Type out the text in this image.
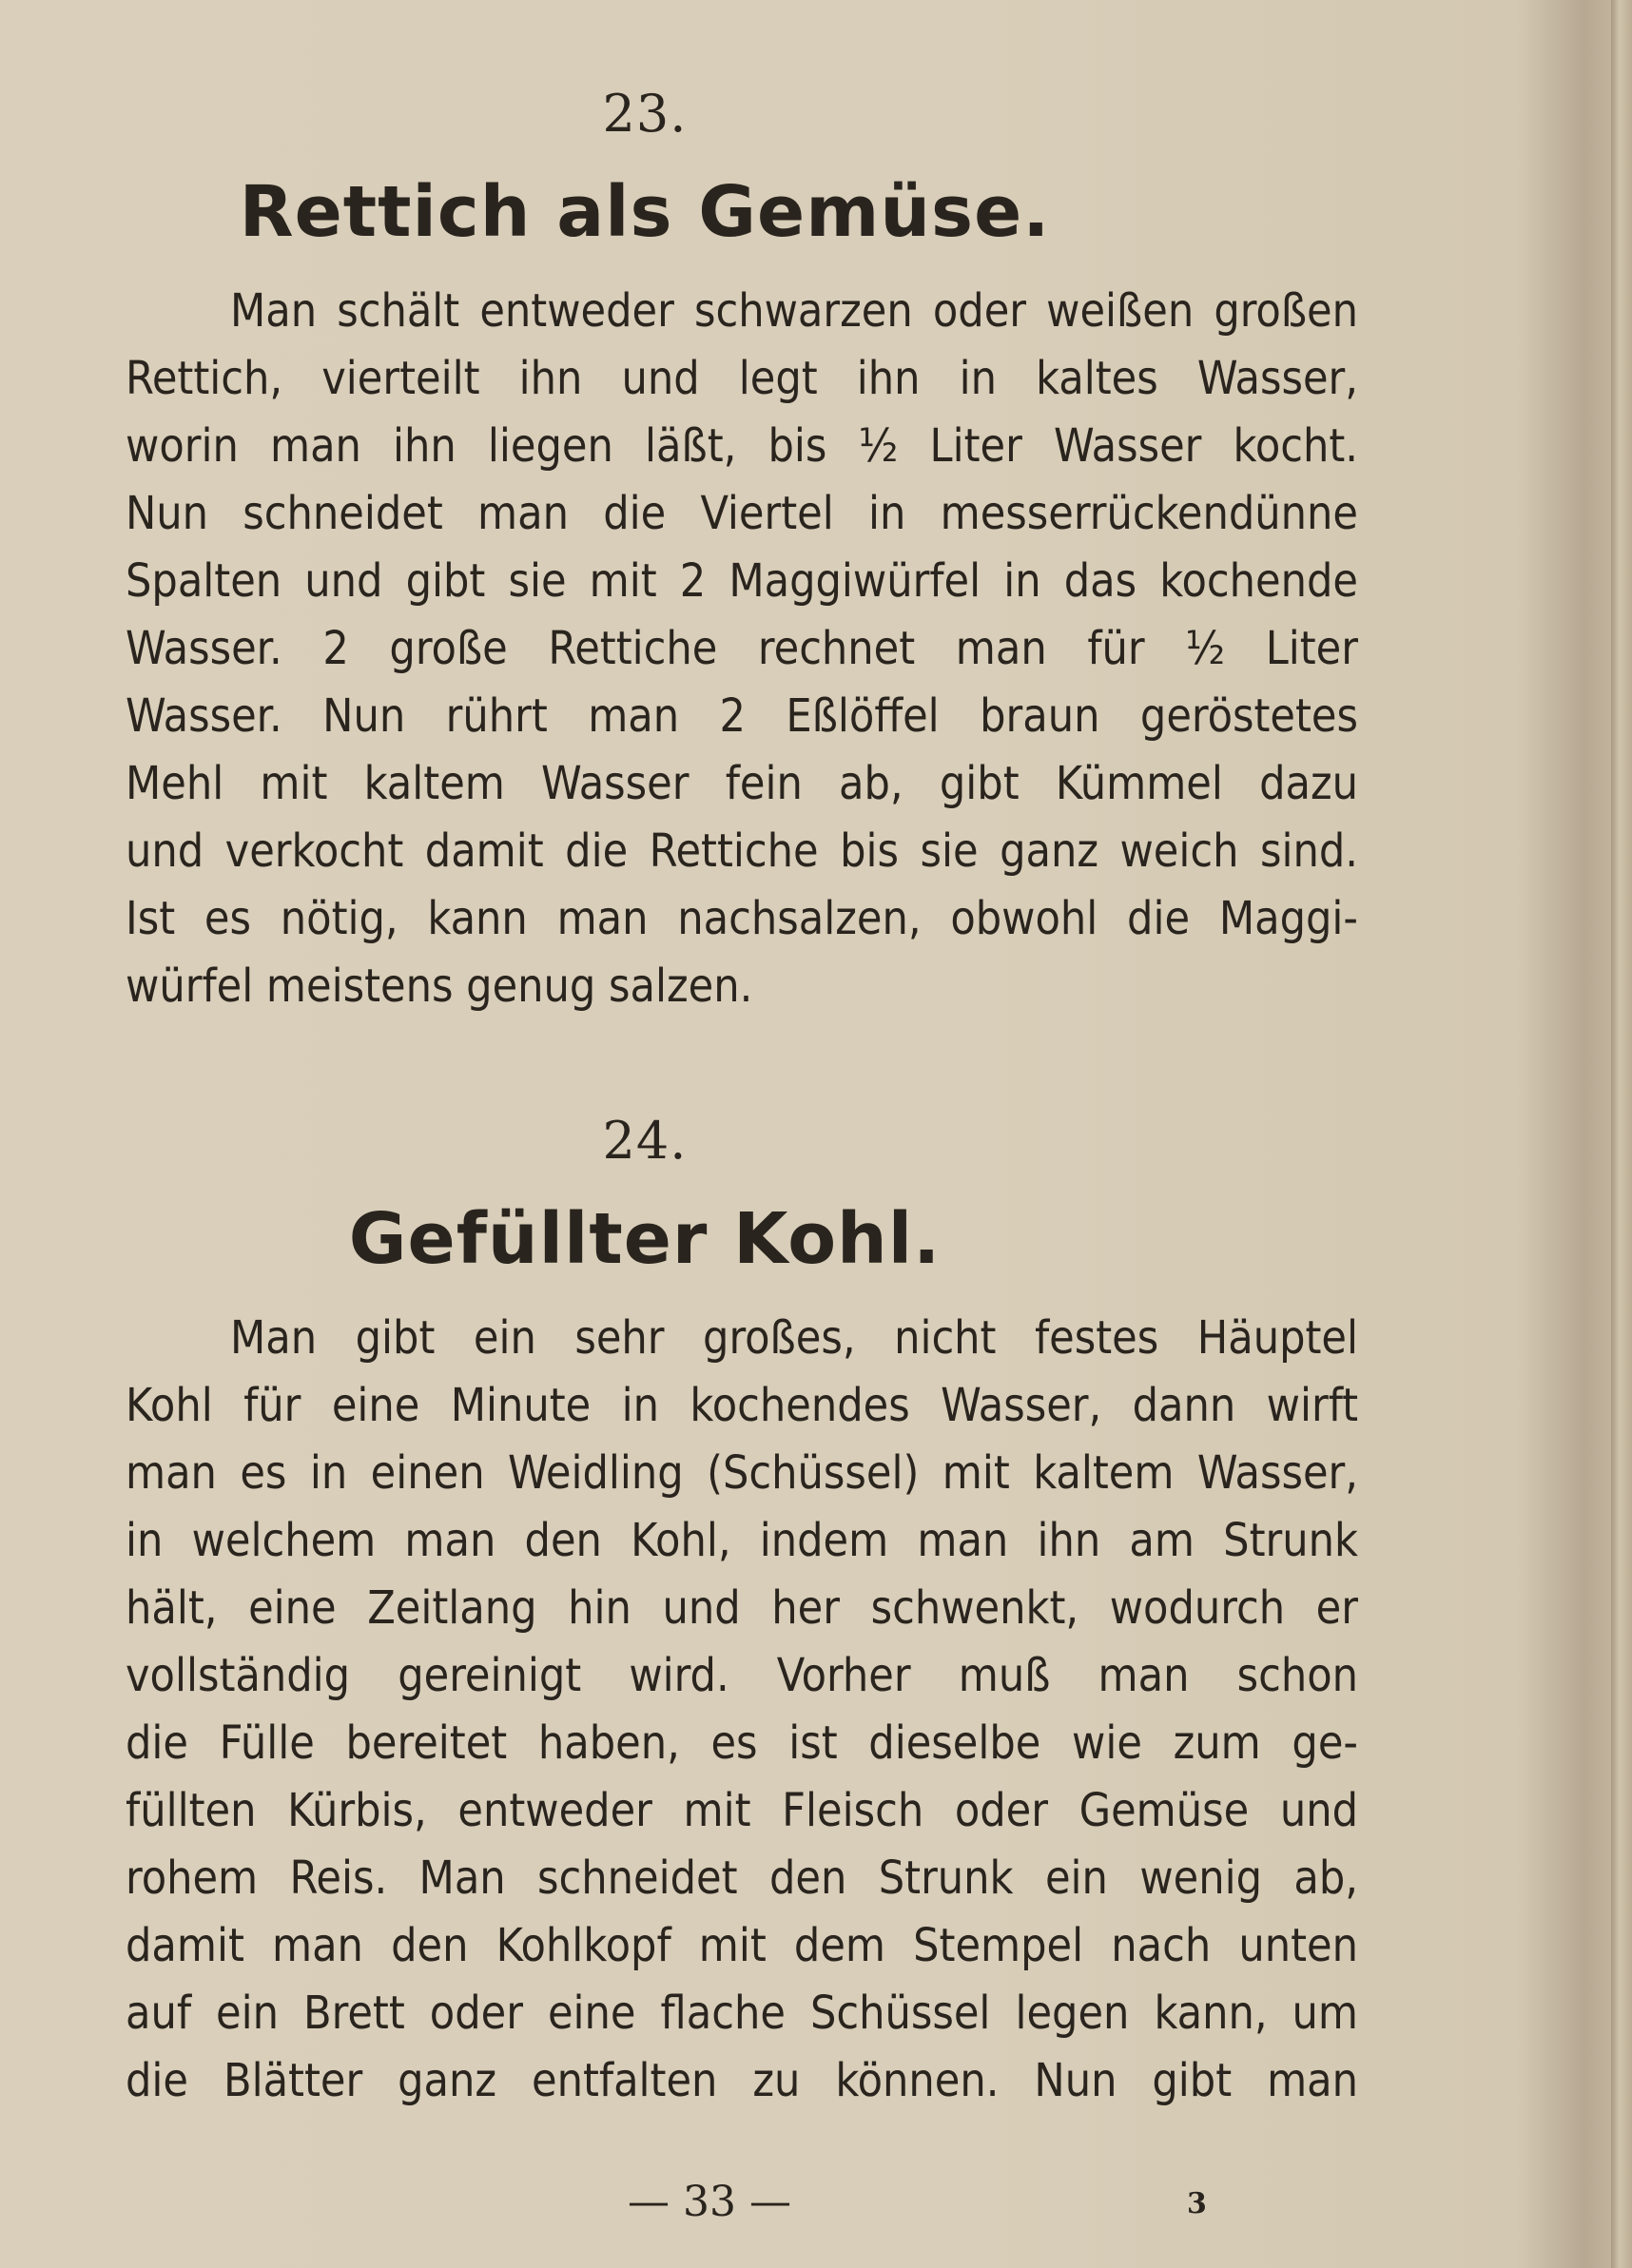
23.
Rettich als Gemüse.
Man schält entweder schwarzen oder weißen großen
Rettich, vierteilt ihn und legt ihn in kaltes Wasser,
worin man ihn liegen läßt, bis ½ Liter Wasser kocht.
Nun schneidet man die Viertel in messerrückendünne
Spalten und gibt sie mit 2 Maggiwürfel in das kochende
Wasser. 2 große Rettiche rechnet man für ½ Liter
Wasser. Nun rührt man 2 Eßlöffel braun geröstetes
Mehl mit kaltem Wasser fein ab, gibt Kümmel dazu
und verkocht damit die Rettiche bis sie ganz weich sind.
Ist es nötig, kann man nachsalzen, obwohl die Maggi-
würfel meistens genug salzen.
24.
Gefüllter Kohl.
Man gibt ein sehr großes, nicht festes Häuptel
Kohl für eine Minute in kochendes Wasser, dann wirft
man es in einen Weidling (Schüssel) mit kaltem Wasser,
in welchem man den Kohl, indem man ihn am Strunk
hält, eine Zeitlang hin und her schwenkt, wodurch er
vollständig gereinigt wird. Vorher muß man schon
die Fülle bereitet haben, es ist dieselbe wie zum ge-
füllten Kürbis, entweder mit Fleisch oder Gemüse und
rohem Reis. Man schneidet den Strunk ein wenig ab,
damit man den Kohlkopf mit dem Stempel nach unten
auf ein Brett oder eine flache Schüssel legen kann, um
die Blätter ganz entfalten zu können. Nun gibt man
— 33 —	3
